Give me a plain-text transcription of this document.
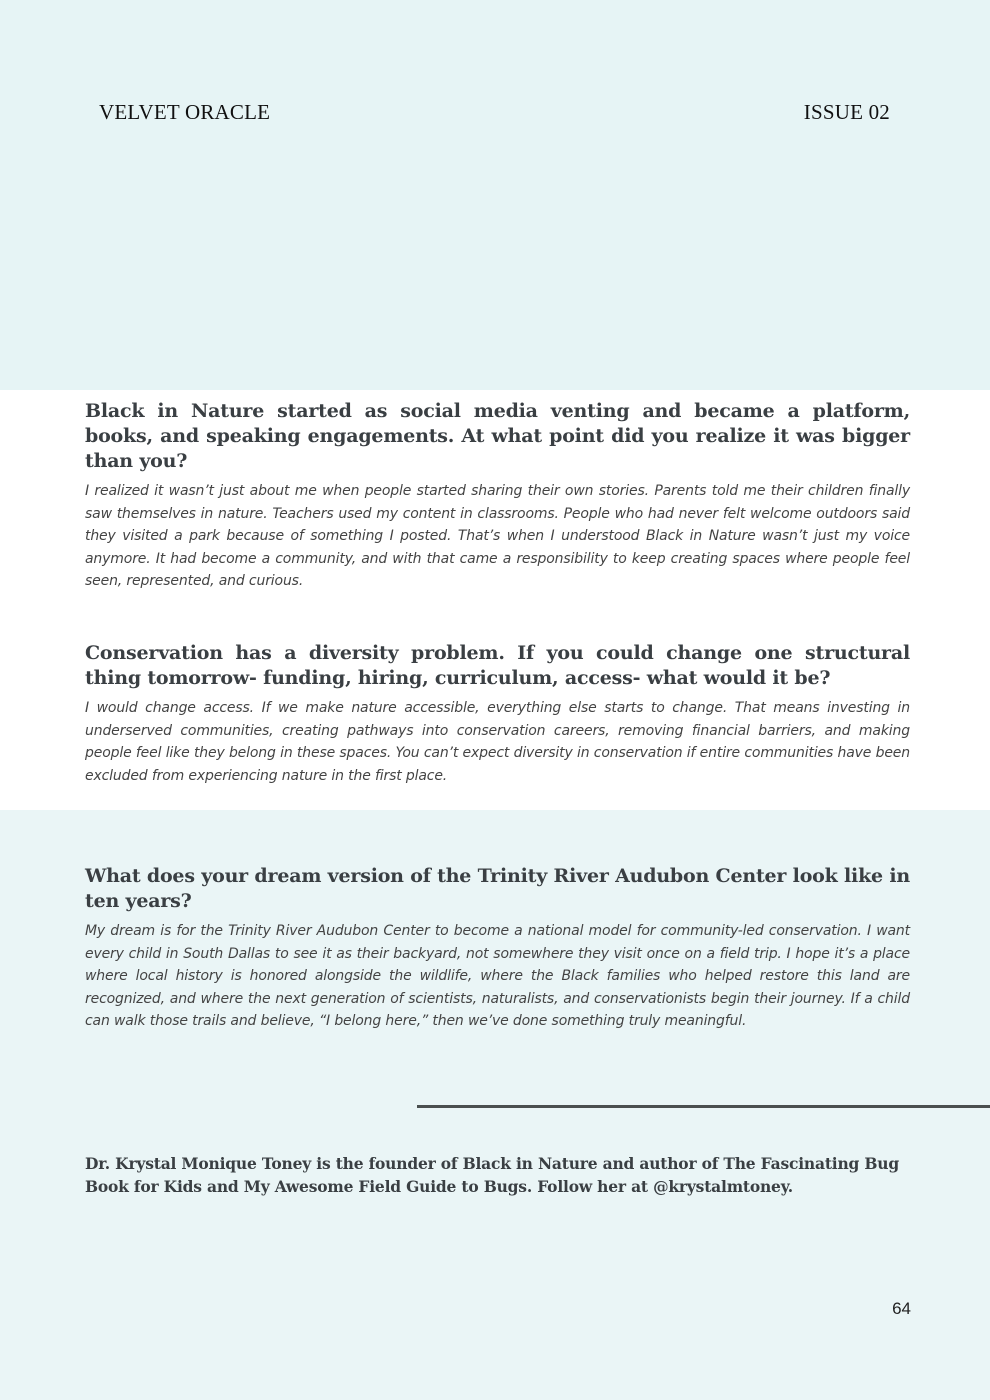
VELVET ORACLE	ISSUE 02

Black in Nature started as social media venting and became a platform, books, and speaking engagements. At what point did you realize it was bigger than you?

I realized it wasn’t just about me when people started sharing their own stories. Parents told me their children finally saw themselves in nature. Teachers used my content in classrooms. People who had never felt welcome outdoors said they visited a park because of something I posted. That’s when I understood Black in Nature wasn’t just my voice anymore. It had become a community, and with that came a responsibility to keep creating spaces where people feel seen, represented, and curious.

Conservation has a diversity problem. If you could change one structural thing tomorrow- funding, hiring, curriculum, access- what would it be?

I would change access. If we make nature accessible, everything else starts to change. That means investing in underserved communities, creating pathways into conservation careers, removing financial barriers, and making people feel like they belong in these spaces. You can’t expect diversity in conservation if entire communities have been excluded from experiencing nature in the first place.

What does your dream version of the Trinity River Audubon Center look like in ten years?

My dream is for the Trinity River Audubon Center to become a national model for community-led conservation. I want every child in South Dallas to see it as their backyard, not somewhere they visit once on a field trip. I hope it’s a place where local history is honored alongside the wildlife, where the Black families who helped restore this land are recognized, and where the next generation of scientists, naturalists, and conservationists begin their journey. If a child can walk those trails and believe, “I belong here,” then we’ve done something truly meaningful.

Dr. Krystal Monique Toney is the founder of Black in Nature and author of The Fascinating Bug Book for Kids and My Awesome Field Guide to Bugs. Follow her at @krystalmtoney.

64
